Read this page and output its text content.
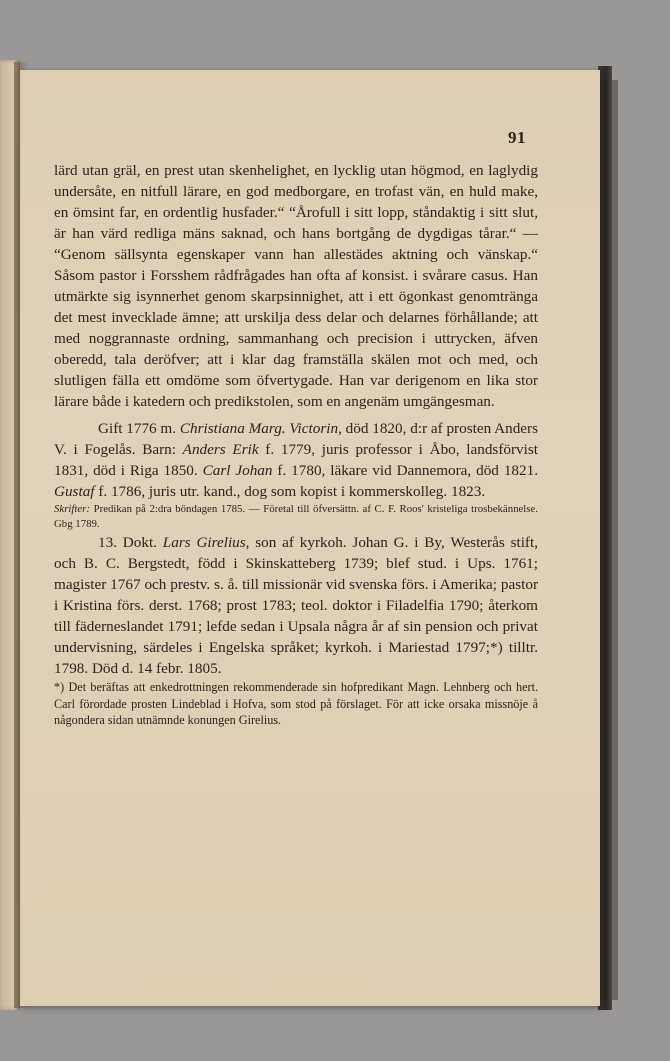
91

lärd utan gräl, en prest utan skenhelighet, en lycklig utan högmod, en laglydig undersåte, en nitfull lärare, en god medborgare, en trofast vän, en huld make, en ömsint far, en ordentlig husfader.“ “Årofull i sitt lopp, ståndaktig i sitt slut, är han värd redliga mäns saknad, och hans bortgång de dygdigas tårar.“ — “Genom sällsynta egenskaper vann han allestädes aktning och vänskap.“ Såsom pastor i Forsshem rådfrågades han ofta af konsist. i svårare casus. Han utmärkte sig isynnerhet genom skarpsinnighet, att i ett ögonkast genomtränga det mest invecklade ämne; att urskilja dess delar och delarnes förhållande; att med noggrannaste ordning, sammanhang och precision i uttrycken, äfven oberedd, tala deröfver; att i klar dag framställa skälen mot och med, och slutligen fälla ett omdöme som öfvertygade. Han var derigenom en lika stor lärare både i katedern och predikstolen, som en angenäm umgängesman.

Gift 1776 m. Christiana Marg. Victorin, död 1820, d:r af prosten Anders V. i Fogelås. Barn: Anders Erik f. 1779, juris professor i Åbo, landsförvist 1831, död i Riga 1850. Carl Johan f. 1780, läkare vid Dannemora, död 1821. Gustaf f. 1786, juris utr. kand., dog som kopist i kommerskolleg. 1823.

Skrifter: Predikan på 2:dra böndagen 1785. — Företal till öfversättn. af C. F. Roos' kristeliga trosbekännelse. Gbg 1789.

13. Dokt. Lars Girelius, son af kyrkoh. Johan G. i By, Westerås stift, och B. C. Bergstedt, född i Skinskatteberg 1739; blef stud. i Ups. 1761; magister 1767 och prestv. s. å. till missionär vid svenska förs. i Amerika; pastor i Kristina förs. derst. 1768; prost 1783; teol. doktor i Filadelfia 1790; återkom till fäderneslandet 1791; lefde sedan i Upsala några år af sin pension och privat undervisning, särdeles i Engelska språket; kyrkoh. i Mariestad 1797;*) tilltr. 1798. Död d. 14 febr. 1805.

*) Det beräftas att enkedrottningen rekommenderade sin hofpredikant Magn. Lehnberg och hert. Carl förordade prosten Lindeblad i Hofva, som stod på förslaget. För att icke orsaka missnöje å någondera sidan utnämnde konungen Girelius.
